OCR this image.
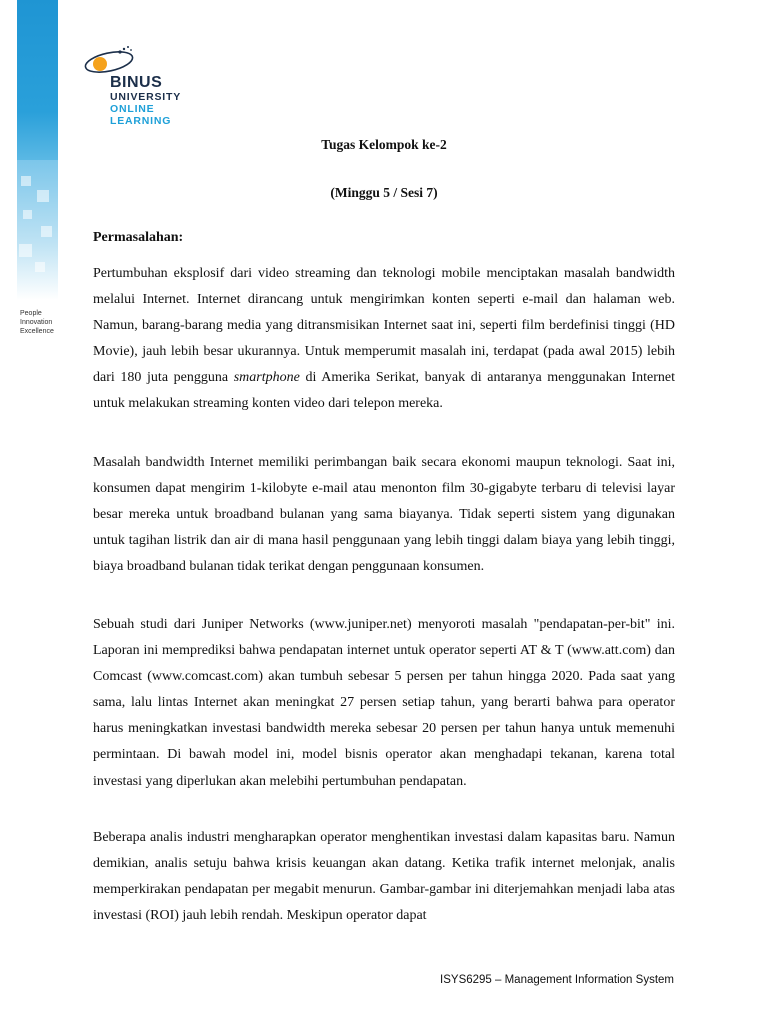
People
Innovation
Excellence
BINUS
UNIVERSITY
ONLINE
LEARNING
Tugas Kelompok ke-2
(Minggu 5 / Sesi 7)
Permasalahan:

Pertumbuhan eksplosif dari video streaming dan teknologi mobile menciptakan masalah bandwidth melalui Internet. Internet dirancang untuk mengirimkan konten seperti e-mail dan halaman web. Namun, barang-barang media yang ditransmisikan Internet saat ini, seperti film berdefinisi tinggi (HD Movie), jauh lebih besar ukurannya. Untuk memperumit masalah ini, terdapat (pada awal 2015) lebih dari 180 juta pengguna smartphone di Amerika Serikat, banyak di antaranya menggunakan Internet untuk melakukan streaming konten video dari telepon mereka.

Masalah bandwidth Internet memiliki perimbangan baik secara ekonomi maupun teknologi. Saat ini, konsumen dapat mengirim 1-kilobyte e-mail atau menonton film 30-gigabyte terbaru di televisi layar besar mereka untuk broadband bulanan yang sama biayanya. Tidak seperti sistem yang digunakan untuk tagihan listrik dan air di mana hasil penggunaan yang lebih tinggi dalam biaya yang lebih tinggi, biaya broadband bulanan tidak terikat dengan penggunaan konsumen.

Sebuah studi dari Juniper Networks (www.juniper.net) menyoroti masalah "pendapatan-per-bit" ini. Laporan ini memprediksi bahwa pendapatan internet untuk operator seperti AT & T (www.att.com) dan Comcast (www.comcast.com) akan tumbuh sebesar 5 persen per tahun hingga 2020. Pada saat yang sama, lalu lintas Internet akan meningkat 27 persen setiap tahun, yang berarti bahwa para operator harus meningkatkan investasi bandwidth mereka sebesar 20 persen per tahun hanya untuk memenuhi permintaan. Di bawah model ini, model bisnis operator akan menghadapi tekanan, karena total investasi yang diperlukan akan melebihi pertumbuhan pendapatan.

Beberapa analis industri mengharapkan operator menghentikan investasi dalam kapasitas baru. Namun demikian, analis setuju bahwa krisis keuangan akan datang. Ketika trafik internet melonjak, analis memperkirakan pendapatan per megabit menurun. Gambar-gambar ini diterjemahkan menjadi laba atas investasi (ROI) jauh lebih rendah. Meskipun operator dapat

ISYS6295 – Management Information System
